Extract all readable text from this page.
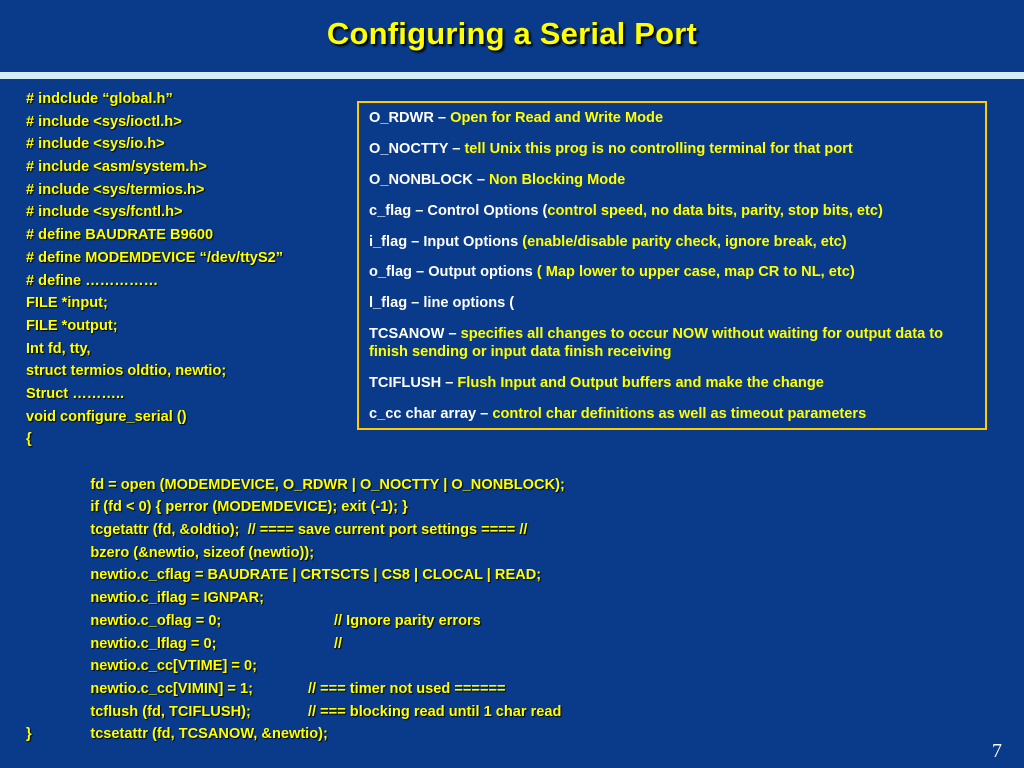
Configuring a Serial Port
# indclude “global.h”
# include <sys/ioctl.h>
# include <sys/io.h>
# include <asm/system.h>
# include <sys/termios.h>
# include <sys/fcntl.h>
# define BAUDRATE B9600
# define MODEMDEVICE “/dev/ttyS2”
# define ……………
FILE *input;
FILE *output;
Int fd, tty,
struct termios oldtio, newtio;
Struct ………..
void configure_serial ()
{

fd = open (MODEMDEVICE, O_RDWR | O_NOCTTY | O_NONBLOCK);

if (fd < 0) { perror (MODEMDEVICE); exit (-1); }

tcgetattr (fd, &oldtio);  // ==== save current port settings ==== //

bzero (&newtio, sizeof (newtio));

newtio.c_cflag = BAUDRATE | CRTSCTS | CS8 | CLOCAL | READ;

newtio.c_iflag = IGNPAR;

// Ignore parity errors

newtio.c_oflag = 0;

//

newtio.c_lflag = 0;

newtio.c_cc[VTIME] = 0;

// === timer not used ======

newtio.c_cc[VIMIN] = 1;

// === blocking read until 1 char read

tcflush (fd, TCIFLUSH);

tcsetattr (fd, TCSANOW, &newtio);

}
O_RDWR – Open for Read and Write Mode
O_NOCTTY – tell Unix this prog is no controlling terminal for that port
O_NONBLOCK – Non Blocking Mode
c_flag – Control Options (control speed, no data bits, parity, stop bits, etc)
i_flag – Input Options (enable/disable parity check, ignore break, etc)
o_flag – Output options ( Map lower to upper case, map CR to NL, etc)
l_flag – line options (
TCSANOW – specifies all changes to occur NOW without waiting for output data to finish sending or input data finish receiving
TCIFLUSH – Flush Input and Output buffers and make the change
c_cc char array – control char definitions as well as timeout parameters
7
